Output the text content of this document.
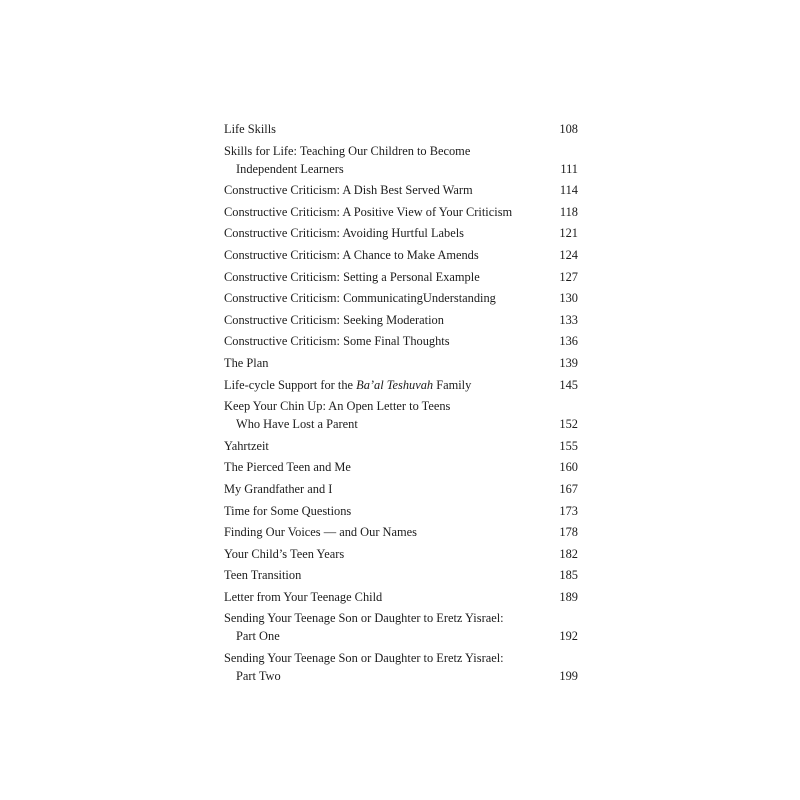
Life Skills	108
Skills for Life: Teaching Our Children to Become
Independent Learners	111
Constructive Criticism: A Dish Best Served Warm	114
Constructive Criticism: A Positive View of Your Criticism	118
Constructive Criticism: Avoiding Hurtful Labels	121
Constructive Criticism: A Chance to Make Amends	124
Constructive Criticism: Setting a Personal Example	127
Constructive Criticism: CommunicatingUnderstanding	130
Constructive Criticism: Seeking Moderation	133
Constructive Criticism: Some Final Thoughts	136
The Plan	139
Life-cycle Support for the Ba’al Teshuvah Family	145
Keep Your Chin Up: An Open Letter to Teens
Who Have Lost a Parent	152
Yahrtzeit	155
The Pierced Teen and Me	160
My Grandfather and I	167
Time for Some Questions	173
Finding Our Voices — and Our Names	178
Your Child’s Teen Years	182
Teen Transition	185
Letter from Your Teenage Child	189
Sending Your Teenage Son or Daughter to Eretz Yisrael:
Part One	192
Sending Your Teenage Son or Daughter to Eretz Yisrael:
Part Two	199
